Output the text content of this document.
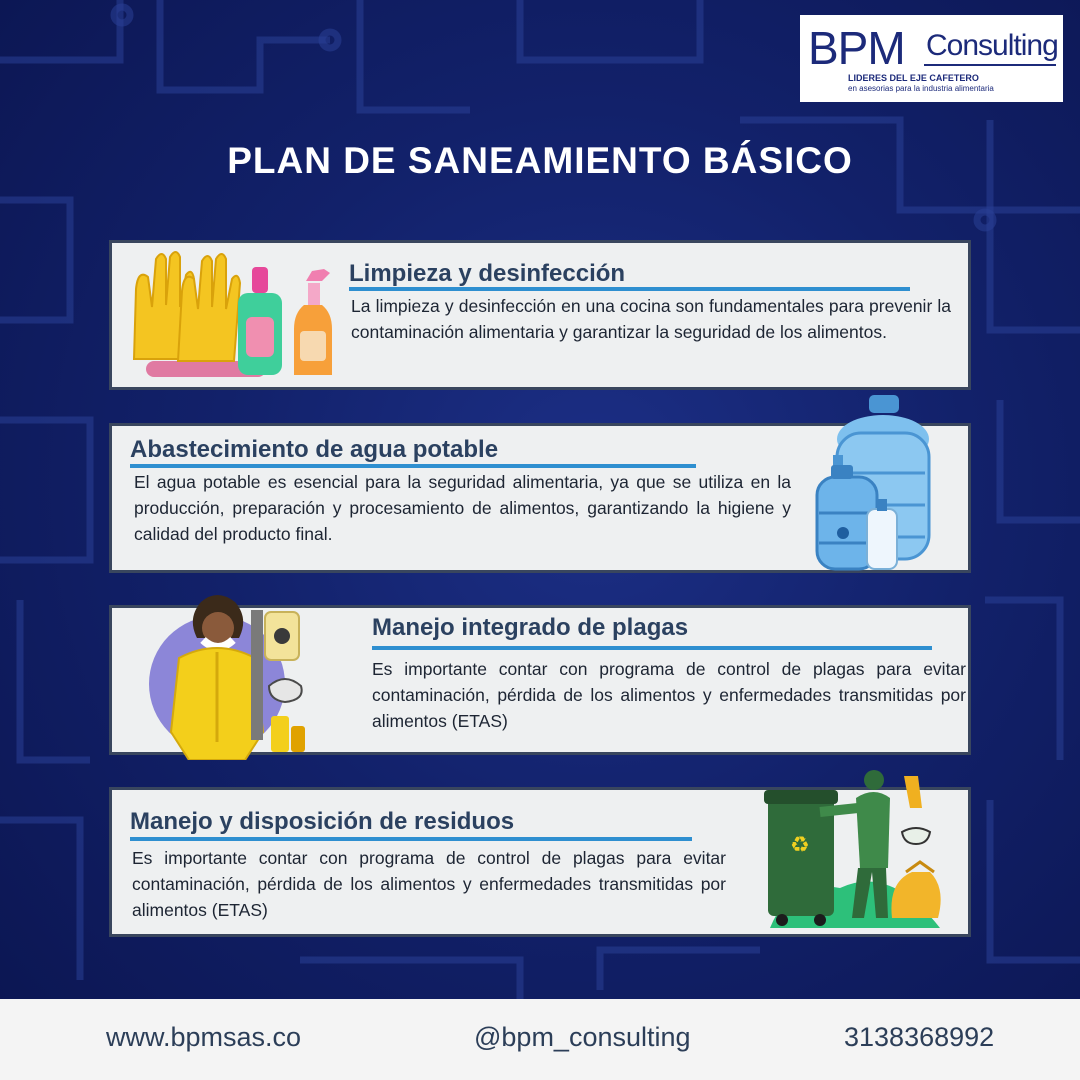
BPM Consulting
LIDERES DEL EJE CAFETERO
en asesorias para la industria alimentaria
PLAN DE SANEAMIENTO BÁSICO
Limpieza y desinfección
La limpieza y desinfección en una cocina son fundamentales para prevenir la contaminación alimentaria y garantizar la seguridad de los alimentos.
Abastecimiento de agua potable
El agua potable es esencial para la seguridad alimentaria, ya que se utiliza en la producción, preparación y procesamiento de alimentos, garantizando la higiene y calidad del producto final.
Manejo integrado de plagas
Es importante contar con programa de control de plagas para evitar contaminación, pérdida de los alimentos y enfermedades transmitidas por alimentos (ETAS)
Manejo y disposición de residuos
Es importante contar con programa de control de plagas para evitar contaminación, pérdida de los alimentos y enfermedades transmitidas por alimentos (ETAS)
♻
www.bpmsas.co	@bpm_consulting	3138368992
